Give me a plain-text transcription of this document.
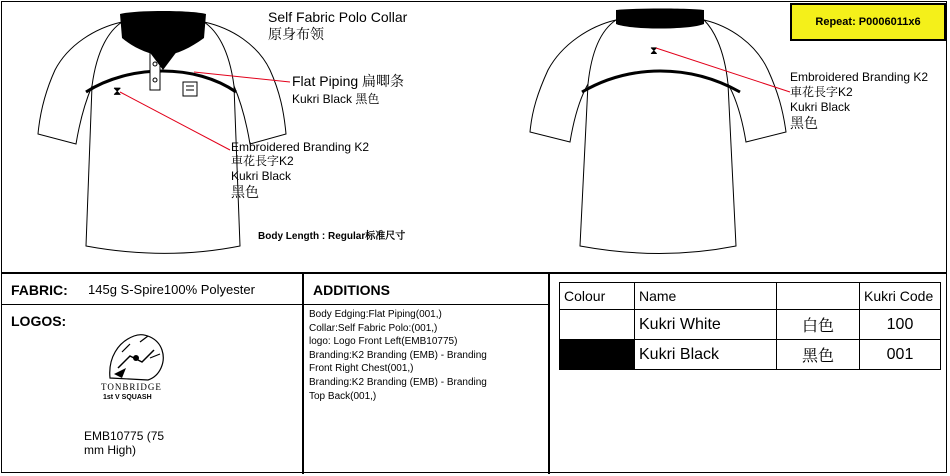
⧗
⧗
Self Fabric Polo Collar
原身布领
Repeat: P0006011x6
Flat Piping 扁唧条
Kukri Black 黑色
Embroidered Branding K2
車花長字K2
Kukri Black
黑色
Body Length : Regular标准尺寸
Embroidered Branding K2
車花長字K2
Kukri Black
黑色
FABRIC: 145g S-Spire100% Polyester	ADDITIONS
LOGOS:
TONBRIDGE
1st V SQUASH
EMB10775 (75
mm High)
Body Edging:Flat Piping(001,)
Collar:Self Fabric Polo:(001,)
logo: Logo Front Left(EMB10775)
Branding:K2 Branding (EMB) - Branding
Front Right Chest(001,)
Branding:K2 Branding (EMB) - Branding
Top Back(001,)
Colour	Name		Kukri Code
	Kukri White	白色	100
	Kukri Black	黑色	001
